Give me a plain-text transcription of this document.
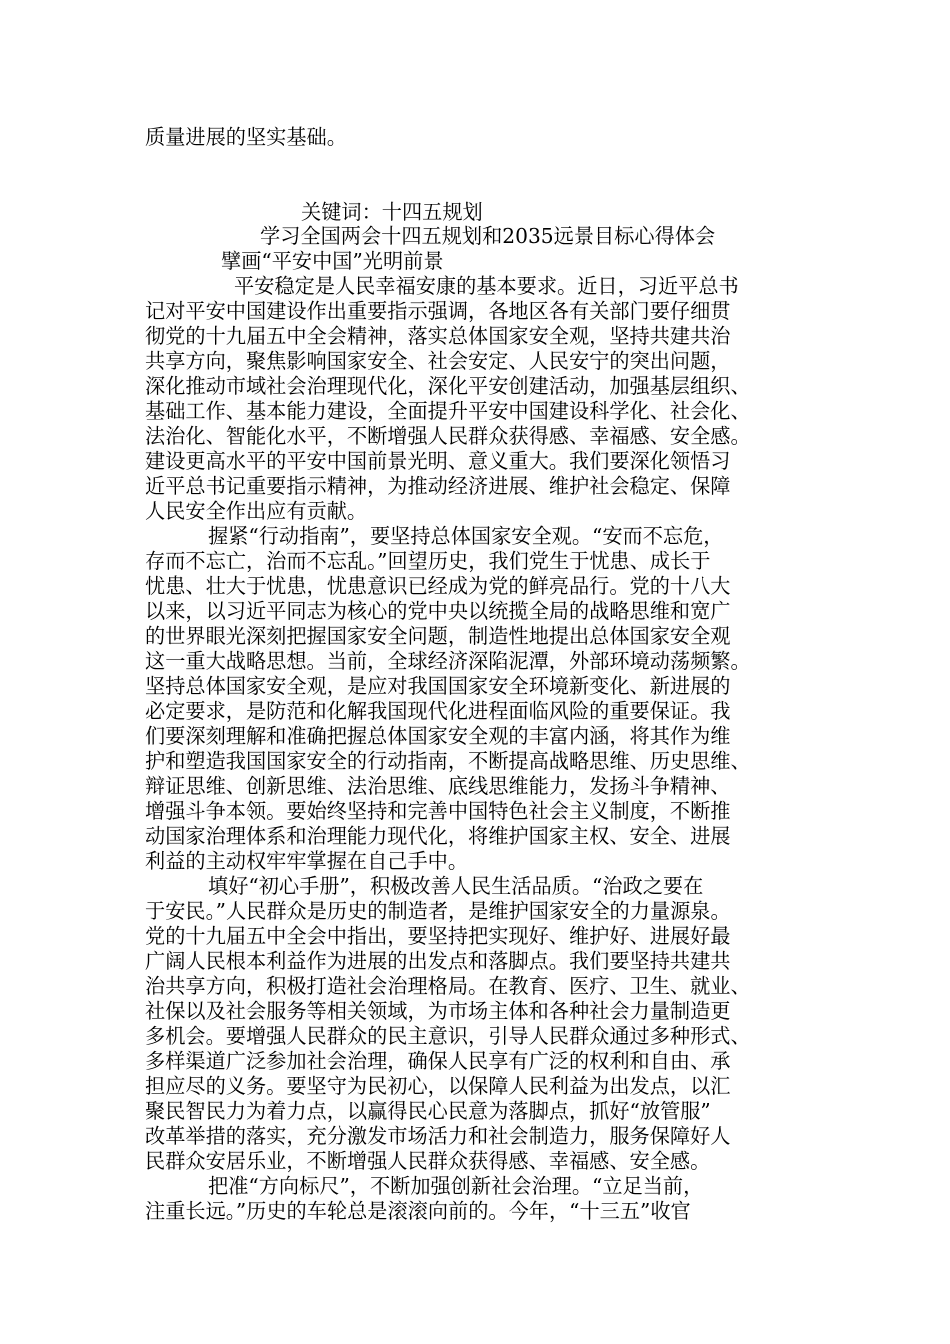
质量进展的坚实基础。
关键词：十四五规划
学习全国两会十四五规划和2035远景目标心得体会
擘画“平安中国”光明前景
平安稳定是人民幸福安康的基本要求。近日，习近平总书
记对平安中国建设作出重要指示强调，各地区各有关部门要仔细贯
彻党的十九届五中全会精神，落实总体国家安全观，坚持共建共治
共享方向，聚焦影响国家安全、社会安定、人民安宁的突出问题，
深化推动市域社会治理现代化，深化平安创建活动，加强基层组织、
基础工作、基本能力建设，全面提升平安中国建设科学化、社会化、
法治化、智能化水平，不断增强人民群众获得感、幸福感、安全感。
建设更高水平的平安中国前景光明、意义重大。我们要深化领悟习
近平总书记重要指示精神，为推动经济进展、维护社会稳定、保障
人民安全作出应有贡献。
握紧“行动指南”，要坚持总体国家安全观。“安而不忘危，
存而不忘亡，治而不忘乱。”回望历史，我们党生于忧患、成长于
忧患、壮大于忧患，忧患意识已经成为党的鲜亮品行。党的十八大
以来，以习近平同志为核心的党中央以统揽全局的战略思维和宽广
的世界眼光深刻把握国家安全问题，制造性地提出总体国家安全观
这一重大战略思想。当前，全球经济深陷泥潭，外部环境动荡频繁。
坚持总体国家安全观，是应对我国国家安全环境新变化、新进展的
必定要求，是防范和化解我国现代化进程面临风险的重要保证。我
们要深刻理解和准确把握总体国家安全观的丰富内涵，将其作为维
护和塑造我国国家安全的行动指南，不断提高战略思维、历史思维、
辩证思维、创新思维、法治思维、底线思维能力，发扬斗争精神、
增强斗争本领。要始终坚持和完善中国特色社会主义制度，不断推
动国家治理体系和治理能力现代化，将维护国家主权、安全、进展
利益的主动权牢牢掌握在自己手中。
填好“初心手册”，积极改善人民生活品质。“治政之要在
于安民。”人民群众是历史的制造者，是维护国家安全的力量源泉。
党的十九届五中全会中指出，要坚持把实现好、维护好、进展好最
广阔人民根本利益作为进展的出发点和落脚点。我们要坚持共建共
治共享方向，积极打造社会治理格局。在教育、医疗、卫生、就业、
社保以及社会服务等相关领域，为市场主体和各种社会力量制造更
多机会。要增强人民群众的民主意识，引导人民群众通过多种形式、
多样渠道广泛参加社会治理，确保人民享有广泛的权利和自由、承
担应尽的义务。要坚守为民初心，以保障人民利益为出发点，以汇
聚民智民力为着力点，以赢得民心民意为落脚点，抓好“放管服”
改革举措的落实，充分激发市场活力和社会制造力，服务保障好人
民群众安居乐业，不断增强人民群众获得感、幸福感、安全感。
把准“方向标尺”，不断加强创新社会治理。“立足当前，
注重长远。”历史的车轮总是滚滚向前的。今年，“十三五”收官
